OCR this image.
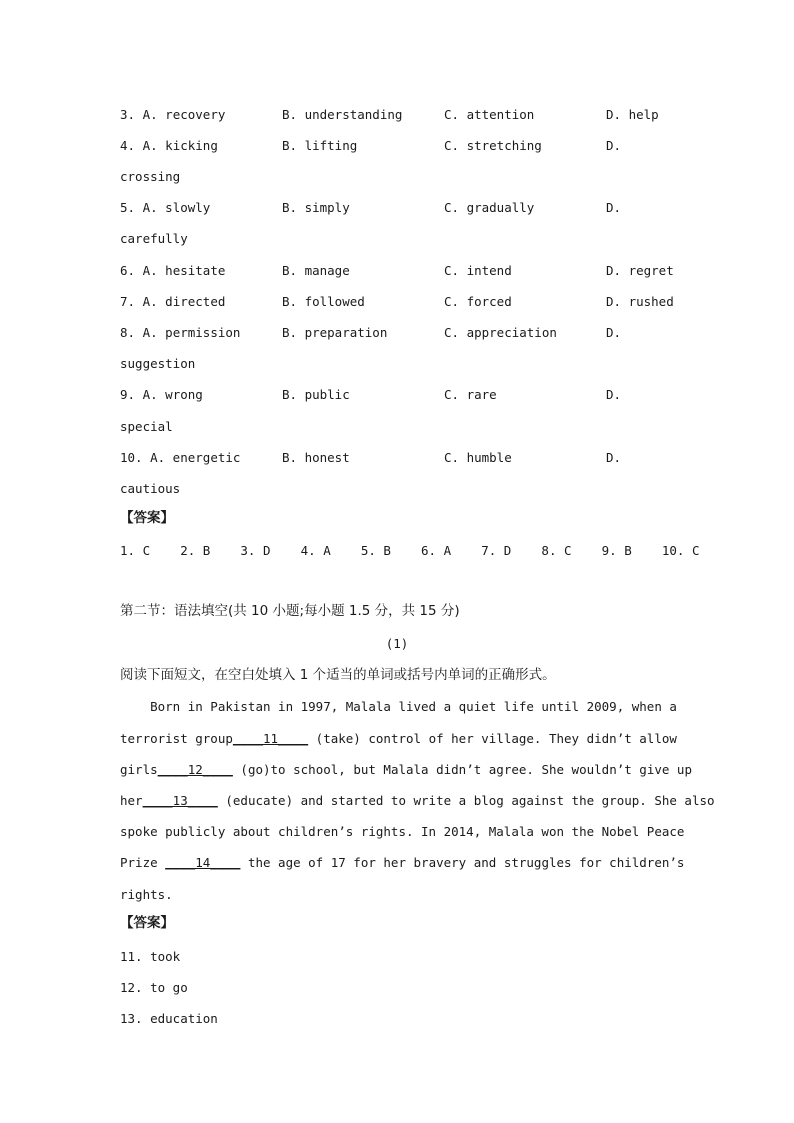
3. A. recovery	B. understanding	C. attention	D. help
4. A. kicking	B. lifting	C. stretching	D.
crossing
5. A. slowly	B. simply	C. gradually	D.
carefully
6. A. hesitate	B. manage	C. intend	D. regret
7. A. directed	B. followed	C. forced	D. rushed
8. A. permission	B. preparation	C. appreciation	D.
suggestion
9. A. wrong	B. public	C. rare	D.
special
10. A. energetic	B. honest	C. humble	D.
cautious
【答案】
1. C    2. B    3. D    4. A    5. B    6. A    7. D    8. C    9. B    10. C
第二节：语法填空(共 10 小题;每小题 1.5 分，共 15 分)
(1)
阅读下面短文，在空白处填入 1 个适当的单词或括号内单词的正确形式。
Born in Pakistan in 1997, Malala lived a quiet life until 2009, when a
terrorist group____11____ (take) control of her village. They didn’t allow
girls____12____ (go)to school, but Malala didn’t agree. She wouldn’t give up
her____13____ (educate) and started to write a blog against the group. She also
spoke publicly about children’s rights. In 2014, Malala won the Nobel Peace
Prize ____14____ the age of 17 for her bravery and struggles for children’s
rights.
【答案】
11. took
12. to go
13. education
